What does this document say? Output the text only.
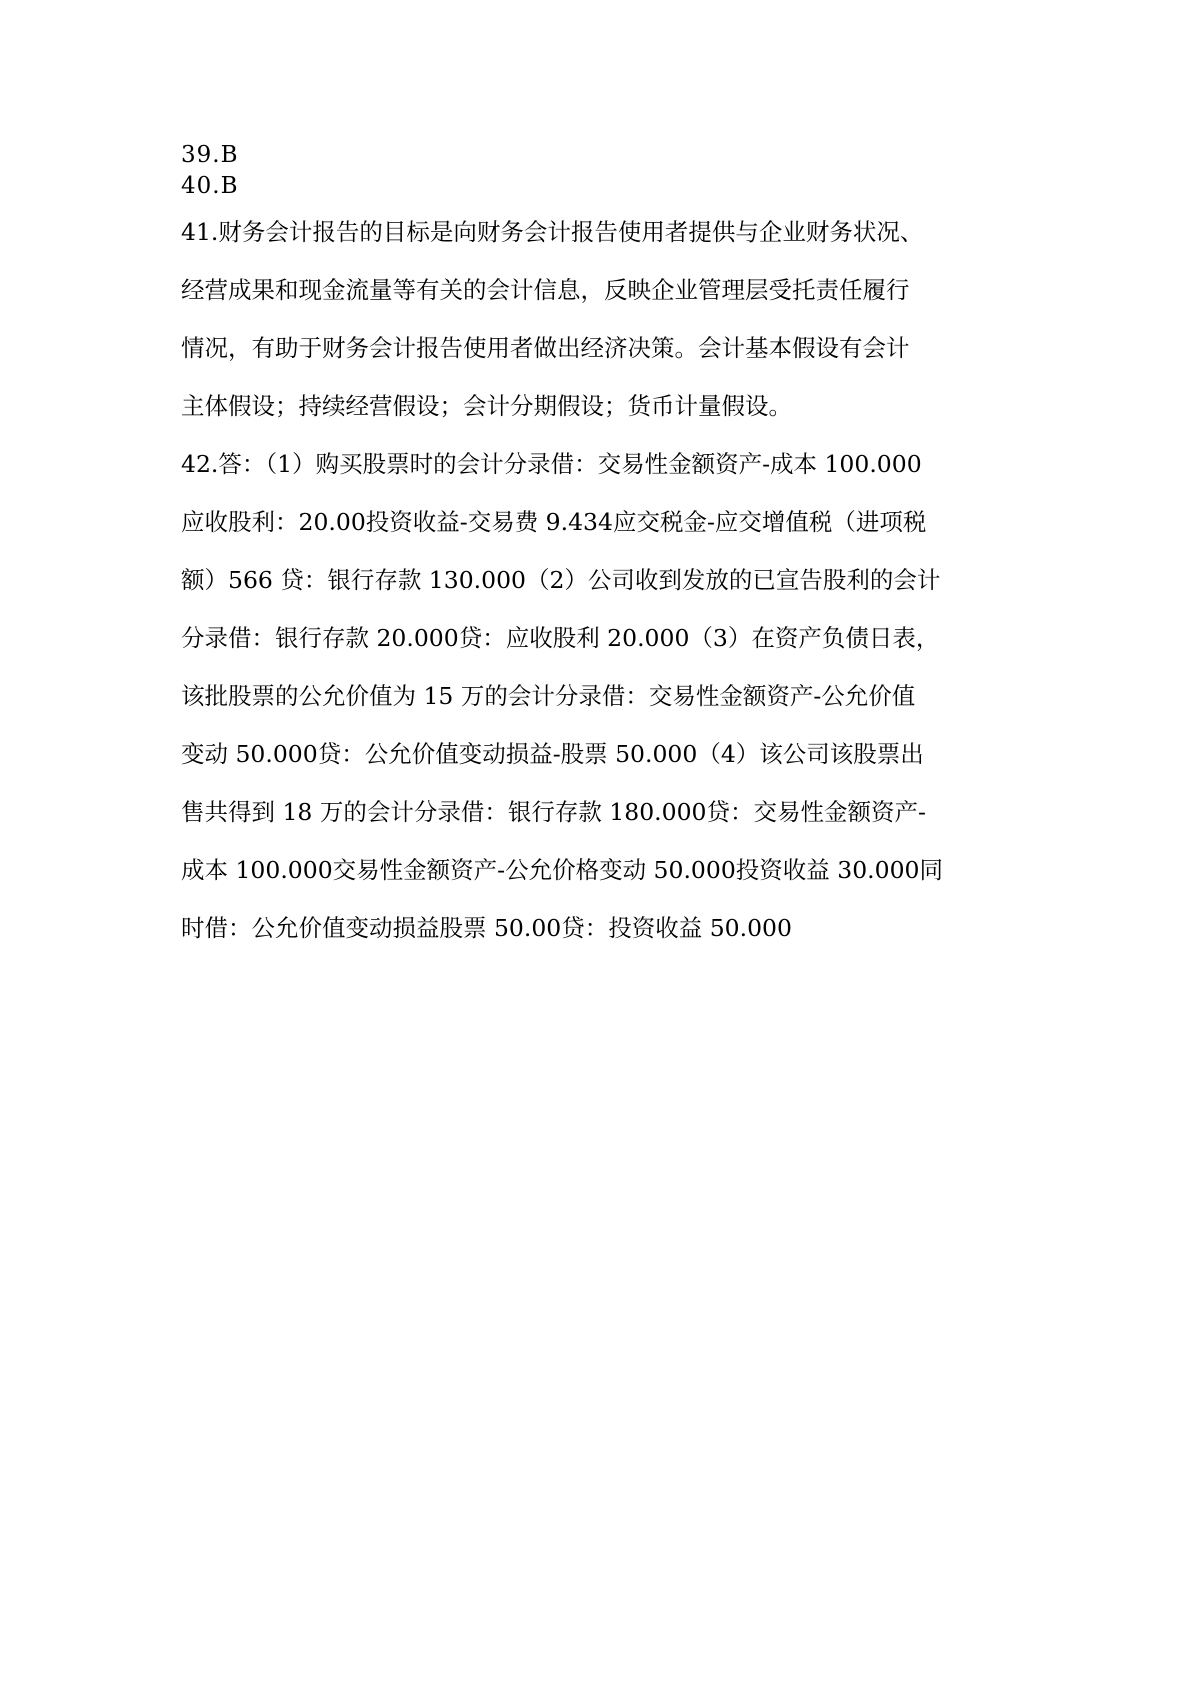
39.B

40.B

41.财务会计报告的目标是向财务会计报告使用者提供与企业财务状况、
经营成果和现金流量等有关的会计信息，反映企业管理层受托责任履行
情况，有助于财务会计报告使用者做出经济决策。会计基本假设有会计
主体假设；持续经营假设；会计分期假设；货币计量假设。
42.答：（1）购买股票时的会计分录借：交易性金额资产-成本 100.000
应收股利：20.00投资收益-交易费 9.434应交税金-应交增值税（进项税
额）566 贷：银行存款 130.000（2）公司收到发放的已宣告股利的会计
分录借：银行存款 20.000贷：应收股利 20.000（3）在资产负债日表，
该批股票的公允价值为 15 万的会计分录借：交易性金额资产-公允价值
变动 50.000贷：公允价值变动损益-股票 50.000（4）该公司该股票出
售共得到 18 万的会计分录借：银行存款 180.000贷：交易性金额资产-
成本 100.000交易性金额资产-公允价格变动 50.000投资收益 30.000同
时借：公允价值变动损益股票 50.00贷：投资收益 50.000
